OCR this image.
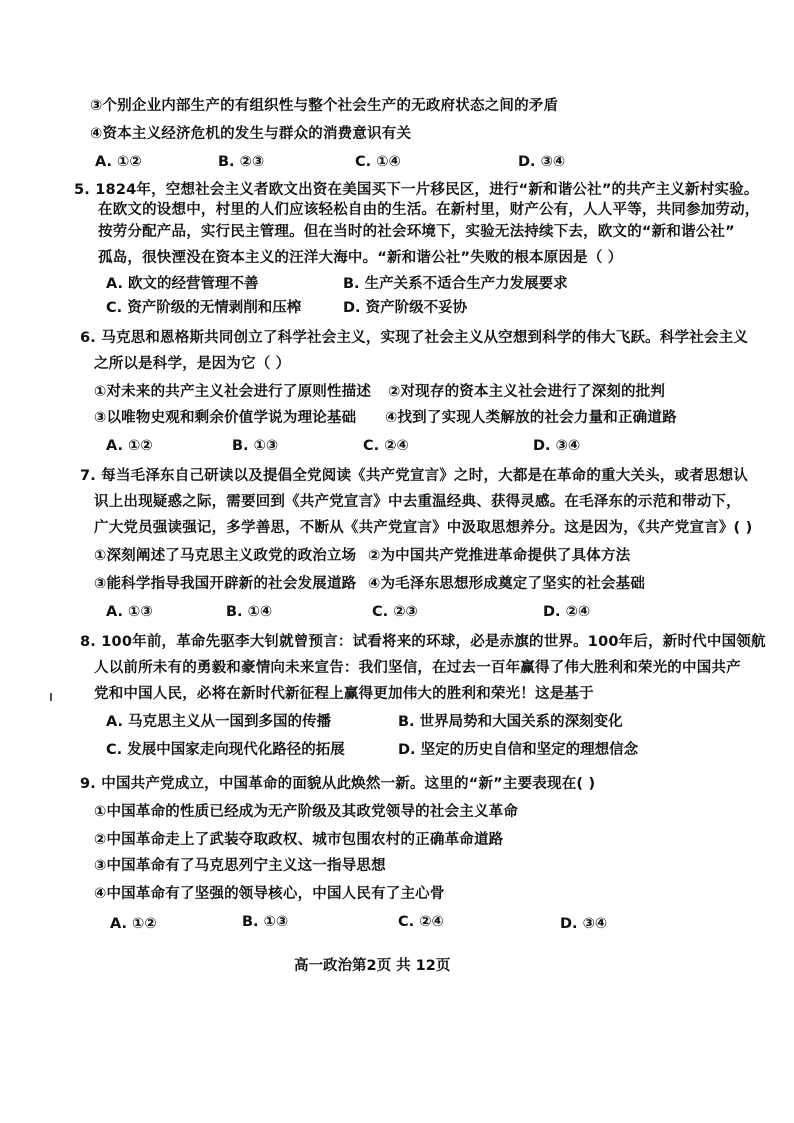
③个别企业内部生产的有组织性与整个社会生产的无政府状态之间的矛盾
④资本主义经济危机的发生与群众的消费意识有关
A. ①②	B. ②③	C. ①④	D. ③④
5. 1824年，空想社会主义者欧文出资在美国买下一片移民区，进行“新和谐公社”的共产主义新村实验。
在欧文的设想中，村里的人们应该轻松自由的生活。在新村里，财产公有，人人平等，共同参加劳动，
按劳分配产品，实行民主管理。但在当时的社会环境下，实验无法持续下去，欧文的“新和谐公社”
孤岛，很快湮没在资本主义的汪洋大海中。“新和谐公社”失败的根本原因是（ ）
A. 欧文的经营管理不善	B. 生产关系不适合生产力发展要求
C. 资产阶级的无情剥削和压榨	D. 资产阶级不妥协
6. 马克思和恩格斯共同创立了科学社会主义，实现了社会主义从空想到科学的伟大飞跃。科学社会主义
之所以是科学，是因为它（ ）
①对未来的共产主义社会进行了原则性描述 ②对现存的资本主义社会进行了深刻的批判
③以唯物史观和剩余价值学说为理论基础 ④找到了实现人类解放的社会力量和正确道路
A. ①②	B. ①③	C. ②④	D. ③④
7. 每当毛泽东自己研读以及提倡全党阅读《共产党宣言》之时，大都是在革命的重大关头，或者思想认
识上出现疑惑之际，需要回到《共产党宣言》中去重温经典、获得灵感。在毛泽东的示范和带动下，
广大党员强读强记，多学善思，不断从《共产党宣言》中汲取思想养分。这是因为，《共产党宣言》( )
①深刻阐述了马克思主义政党的政治立场 ②为中国共产党推进革命提供了具体方法
③能科学指导我国开辟新的社会发展道路 ④为毛泽东思想形成奠定了坚实的社会基础
A. ①③	B. ①④	C. ②③	D. ②④
8. 100年前，革命先驱李大钊就曾预言：试看将来的环球，必是赤旗的世界。100年后，新时代中国领航
人以前所未有的勇毅和豪情向未来宣告：我们坚信，在过去一百年赢得了伟大胜利和荣光的中国共产
党和中国人民，必将在新时代新征程上赢得更加伟大的胜利和荣光！这是基于
A. 马克思主义从一国到多国的传播	B. 世界局势和大国关系的深刻变化
C. 发展中国家走向现代化路径的拓展	D. 坚定的历史自信和坚定的理想信念
9. 中国共产党成立，中国革命的面貌从此焕然一新。这里的“新”主要表现在( )
①中国革命的性质已经成为无产阶级及其政党领导的社会主义革命
②中国革命走上了武装夺取政权、城市包围农村的正确革命道路
③中国革命有了马克思列宁主义这一指导思想
④中国革命有了坚强的领导核心，中国人民有了主心骨
A. ①②	B. ①③	C. ②④	D. ③④
高一政治第2页 共 12页
